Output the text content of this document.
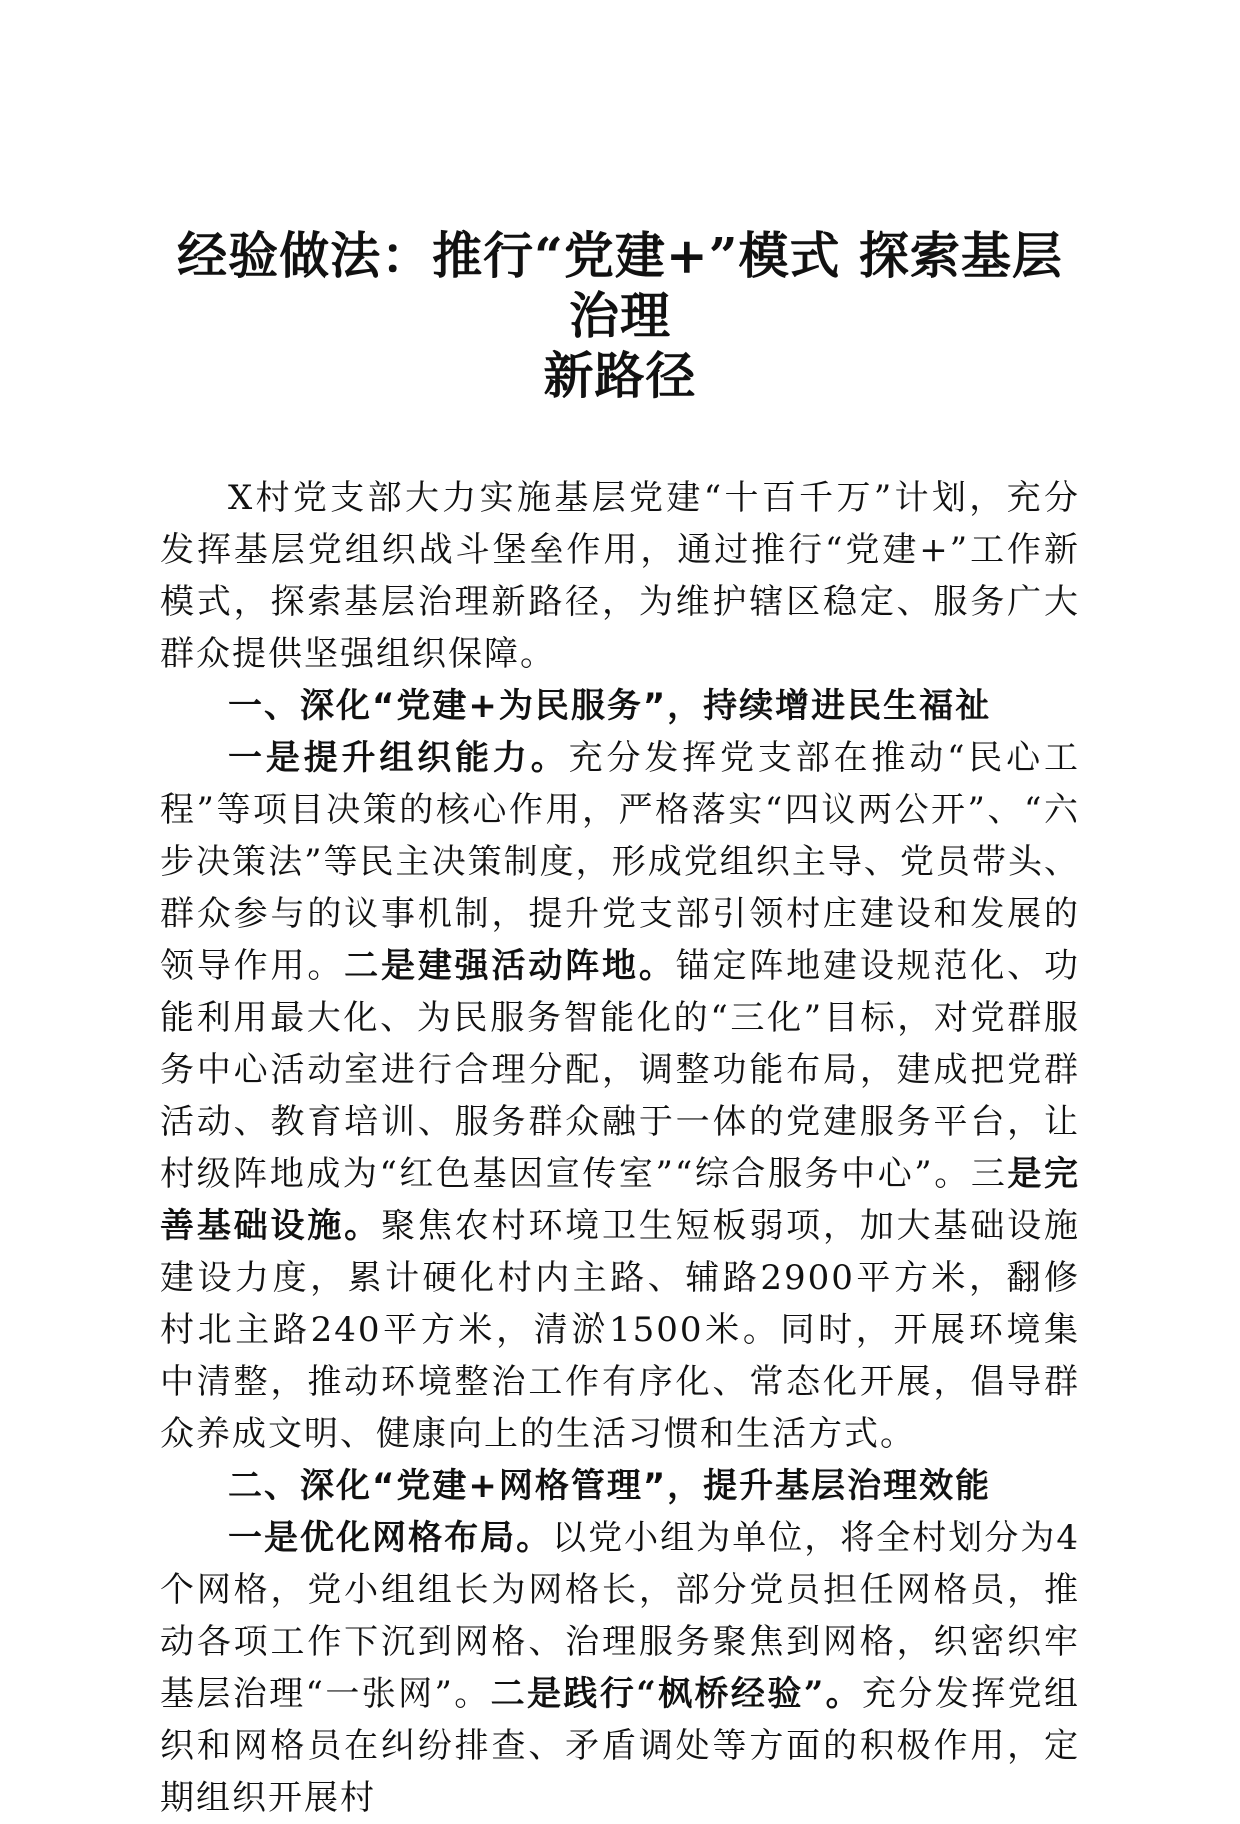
经验做法：推行“党建+”模式 探索基层治理
新路径

X村党支部大力实施基层党建“十百千万”计划，充分发挥基层党组织战斗堡垒作用，通过推行“党建+”工作新模式，探索基层治理新路径，为维护辖区稳定、服务广大群众提供坚强组织保障。

一、深化“党建+为民服务”，持续增进民生福祉

一是提升组织能力。充分发挥党支部在推动“民心工程”等项目决策的核心作用，严格落实“四议两公开”、“六步决策法”等民主决策制度，形成党组织主导、党员带头、群众参与的议事机制，提升党支部引领村庄建设和发展的领导作用。二是建强活动阵地。锚定阵地建设规范化、功能利用最大化、为民服务智能化的“三化”目标，对党群服务中心活动室进行合理分配，调整功能布局，建成把党群活动、教育培训、服务群众融于一体的党建服务平台，让村级阵地成为“红色基因宣传室”“综合服务中心”。三是完善基础设施。聚焦农村环境卫生短板弱项，加大基础设施建设力度，累计硬化村内主路、辅路2900平方米，翻修村北主路240平方米，清淤1500米。同时，开展环境集中清整，推动环境整治工作有序化、常态化开展，倡导群众养成文明、健康向上的生活习惯和生活方式。

二、深化“党建+网格管理”，提升基层治理效能

一是优化网格布局。以党小组为单位，将全村划分为4个网格，党小组组长为网格长，部分党员担任网格员，推动各项工作下沉到网格、治理服务聚焦到网格，织密织牢基层治理“一张网”。二是践行“枫桥经验”。充分发挥党组织和网格员在纠纷排查、矛盾调处等方面的积极作用，定期组织开展村
